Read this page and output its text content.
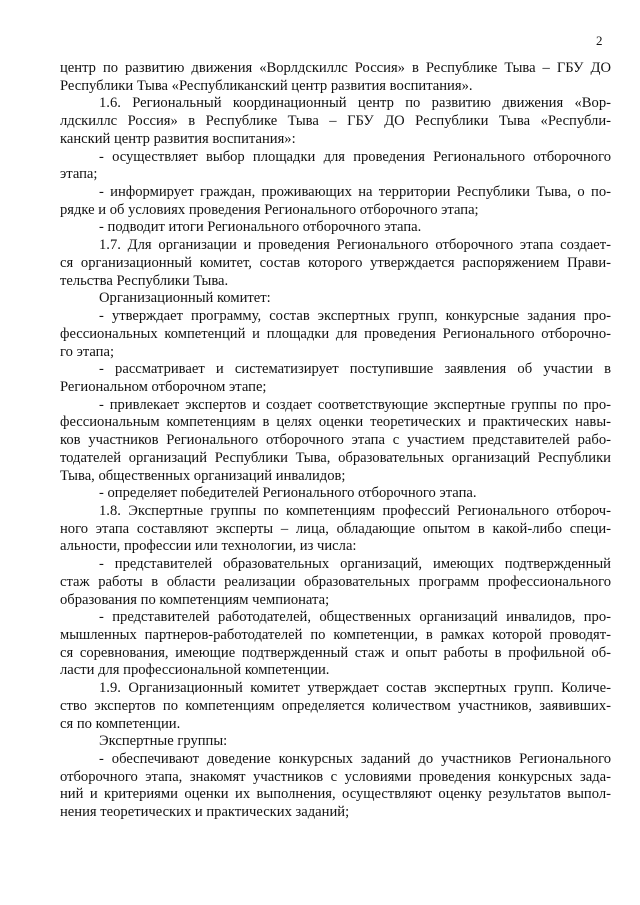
2
центр по развитию движения «Ворлдскиллс Россия» в Республике Тыва – ГБУ ДО
Республики Тыва «Республиканский центр развития воспитания».
1.6. Региональный координационный центр по развитию движения «Вор-
лдскиллс Россия» в Республике Тыва – ГБУ ДО Республики Тыва «Республи-
канский центр развития воспитания»:
- осуществляет выбор площадки для проведения Регионального отборочного
этапа;
- информирует граждан, проживающих на территории Республики Тыва, о по-
рядке и об условиях проведения Регионального отборочного этапа;
- подводит итоги Регионального отборочного этапа.
1.7. Для организации и проведения Регионального отборочного этапа создает-
ся организационный комитет, состав которого утверждается распоряжением Прави-
тельства Республики Тыва.
Организационный комитет:
- утверждает программу, состав экспертных групп, конкурсные задания про-
фессиональных компетенций и площадки для проведения Регионального отборочно-
го этапа;
- рассматривает и систематизирует поступившие заявления об участии в
Региональном отборочном этапе;
- привлекает экспертов и создает соответствующие экспертные группы по про-
фессиональным компетенциям в целях оценки теоретических и практических навы-
ков участников Регионального отборочного этапа с участием представителей рабо-
тодателей организаций Республики Тыва, образовательных организаций Республики
Тыва, общественных организаций инвалидов;
- определяет победителей Регионального отборочного этапа.
1.8. Экспертные группы по компетенциям профессий Регионального отбороч-
ного этапа составляют эксперты – лица, обладающие опытом в какой-либо специ-
альности, профессии или технологии, из числа:
- представителей образовательных организаций, имеющих подтвержденный
стаж работы в области реализации образовательных программ профессионального
образования по компетенциям чемпионата;
- представителей работодателей, общественных организаций инвалидов, про-
мышленных партнеров-работодателей по компетенции, в рамках которой проводят-
ся соревнования, имеющие подтвержденный стаж и опыт работы в профильной об-
ласти для профессиональной компетенции.
1.9. Организационный комитет утверждает состав экспертных групп. Количе-
ство экспертов по компетенциям определяется количеством участников, заявивших-
ся по компетенции.
Экспертные группы:
- обеспечивают доведение конкурсных заданий до участников Регионального
отборочного этапа, знакомят участников с условиями проведения конкурсных зада-
ний и критериями оценки их выполнения, осуществляют оценку результатов выпол-
нения теоретических и практических заданий;
